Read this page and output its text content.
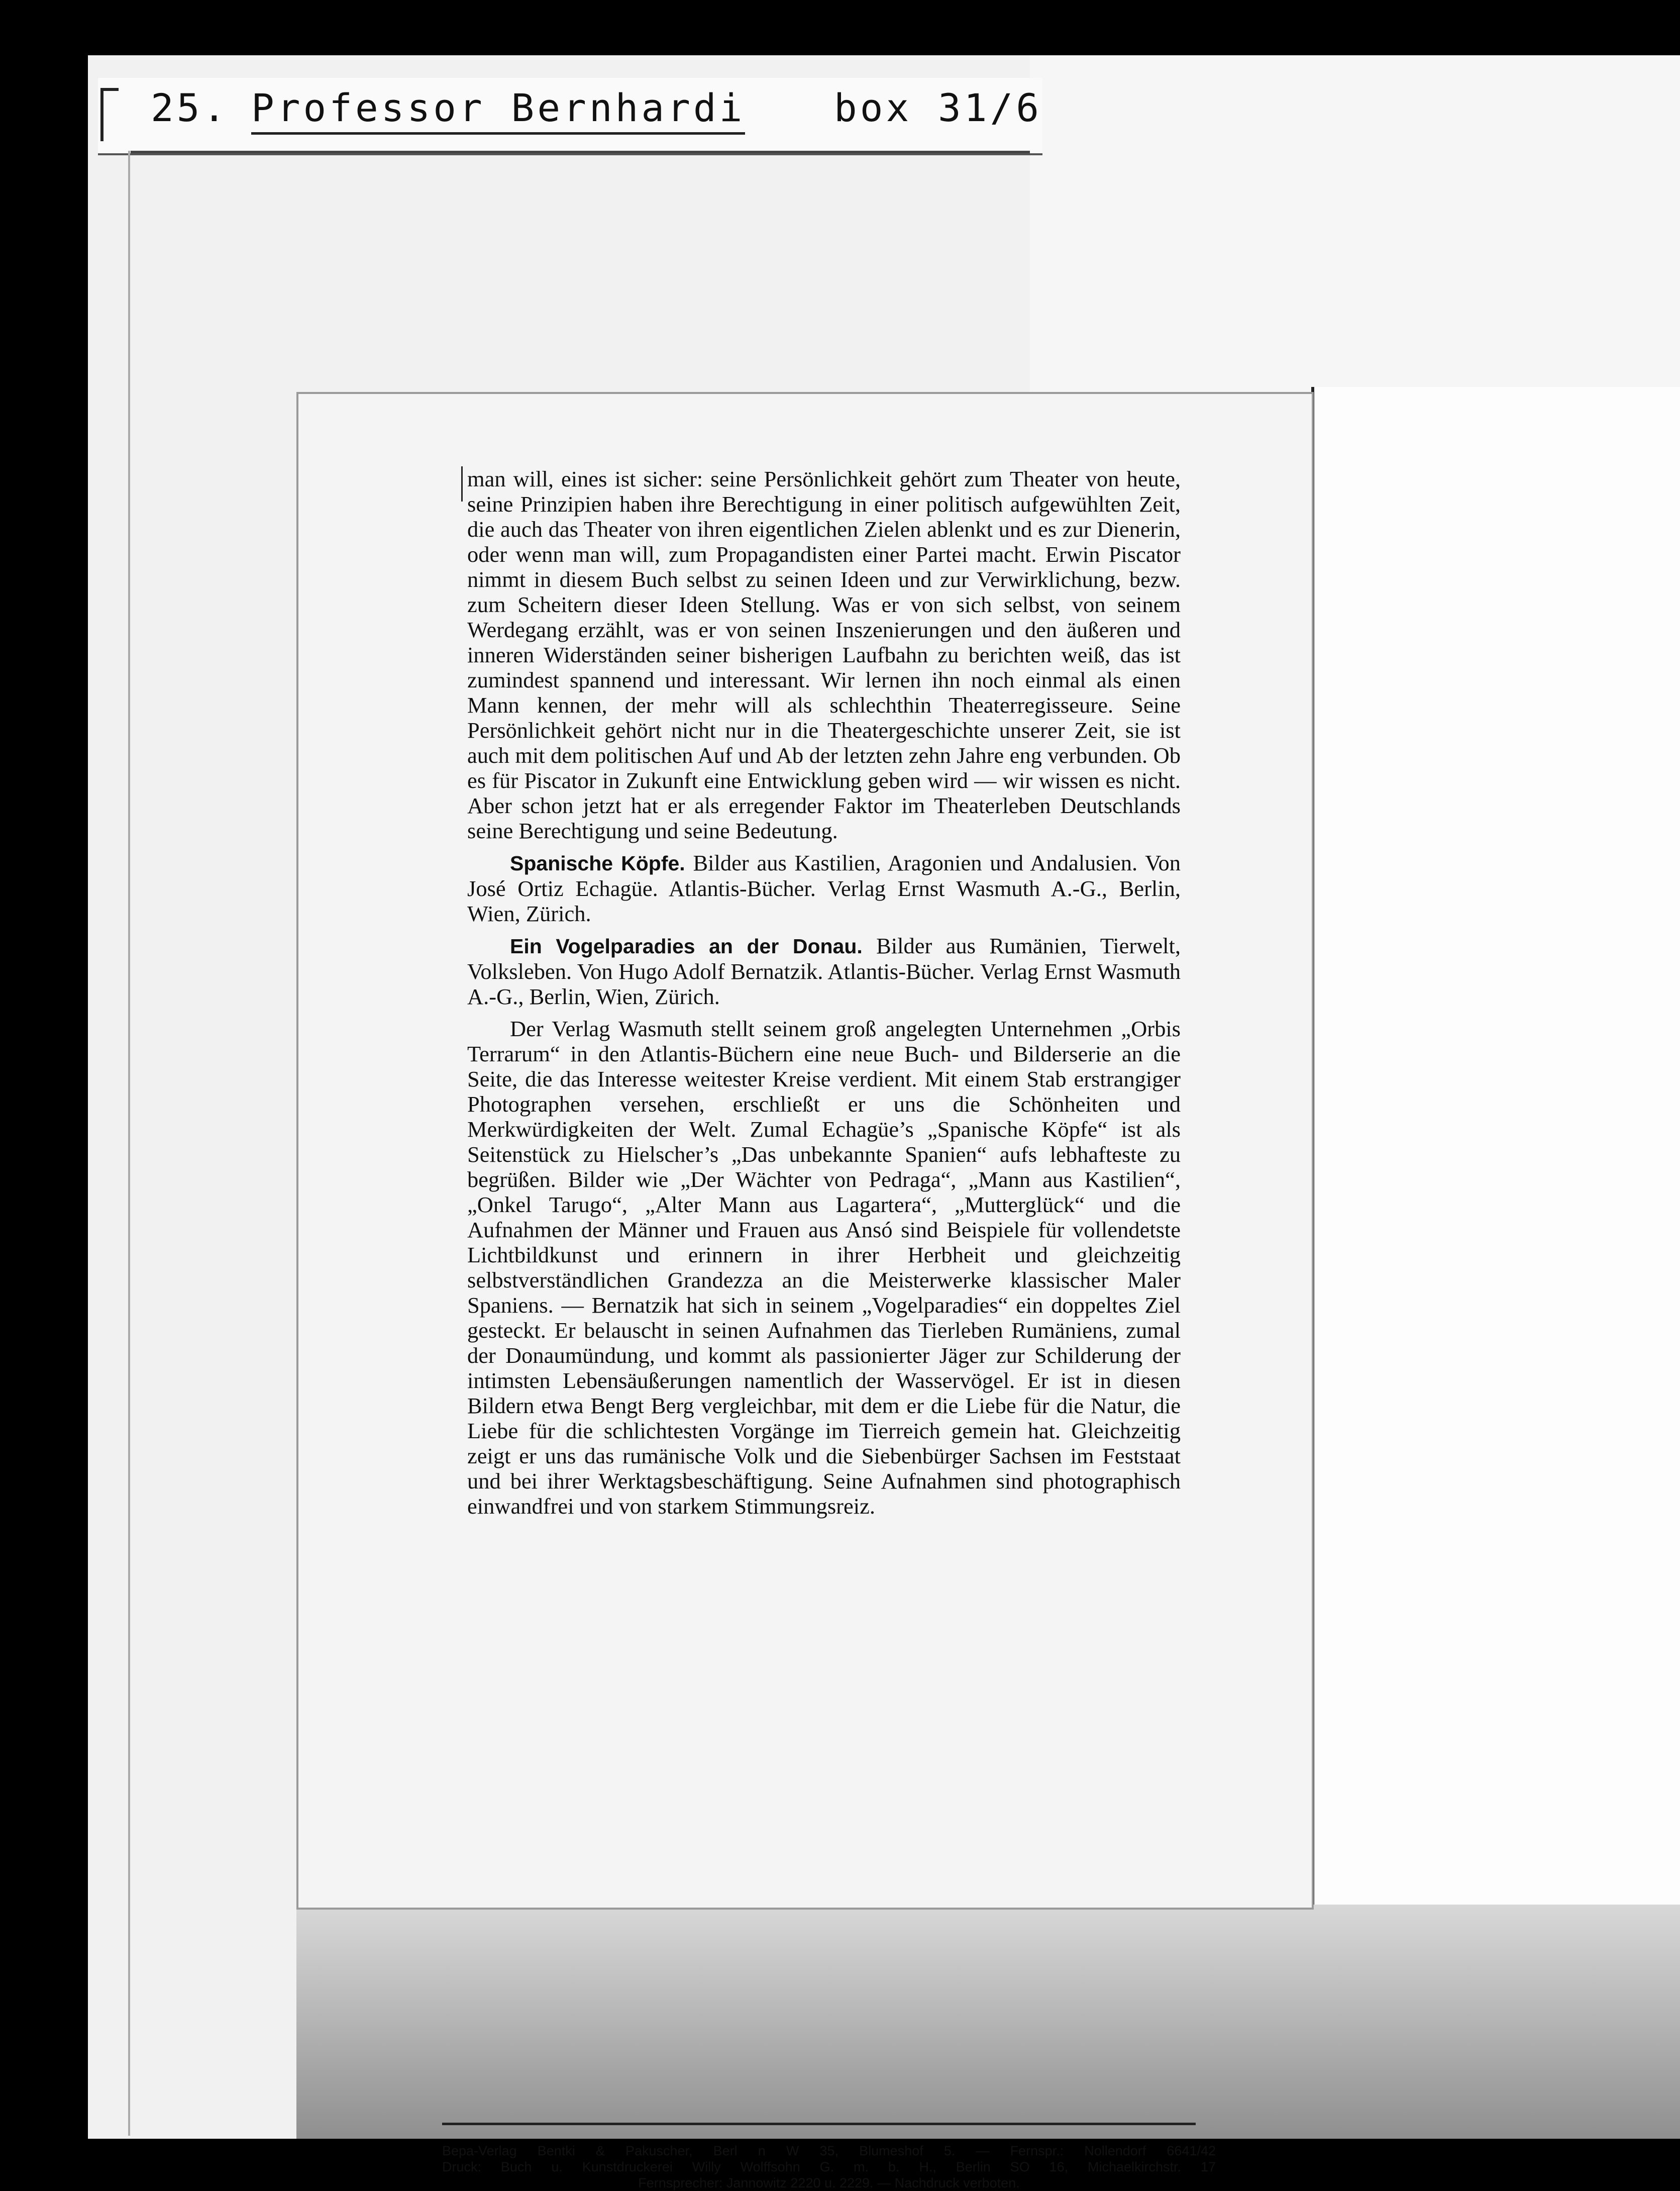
25. Professor Bernhardi box 31/6

man will, eines ist sicher: seine Persönlichkeit gehört zum Theater von heute, seine Prinzipien haben ihre Berechtigung in einer politisch aufgewühlten Zeit, die auch das Theater von ihren eigentlichen Zielen ablenkt und es zur Dienerin, oder wenn man will, zum Propagandisten einer Partei macht. Erwin Piscator nimmt in diesem Buch selbst zu seinen Ideen und zur Verwirklichung, bezw. zum Scheitern dieser Ideen Stellung. Was er von sich selbst, von seinem Werdegang erzählt, was er von seinen Inszenierungen und den äußeren und inneren Widerständen seiner bisherigen Laufbahn zu berichten weiß, das ist zumindest spannend und interessant. Wir lernen ihn noch einmal als einen Mann kennen, der mehr will als schlechthin Theaterregisseure. Seine Persönlichkeit gehört nicht nur in die Theatergeschichte unserer Zeit, sie ist auch mit dem politischen Auf und Ab der letzten zehn Jahre eng verbunden. Ob es für Piscator in Zukunft eine Entwicklung geben wird — wir wissen es nicht. Aber schon jetzt hat er als erregender Faktor im Theaterleben Deutschlands seine Berechtigung und seine Bedeutung.

Spanische Köpfe. Bilder aus Kastilien, Aragonien und Andalusien. Von José Ortiz Echagüe. Atlantis-Bücher. Verlag Ernst Wasmuth A.-G., Berlin, Wien, Zürich.

Ein Vogelparadies an der Donau. Bilder aus Rumänien, Tierwelt, Volksleben. Von Hugo Adolf Bernatzik. Atlantis-Bücher. Verlag Ernst Wasmuth A.-G., Berlin, Wien, Zürich.

Der Verlag Wasmuth stellt seinem groß angelegten Unternehmen „Orbis Terrarum“ in den Atlantis-Büchern eine neue Buch- und Bilderserie an die Seite, die das Interesse weitester Kreise verdient. Mit einem Stab erstrangiger Photographen versehen, erschließt er uns die Schönheiten und Merkwürdigkeiten der Welt. Zumal Echagüe’s „Spanische Köpfe“ ist als Seitenstück zu Hielscher’s „Das unbekannte Spanien“ aufs lebhafteste zu begrüßen. Bilder wie „Der Wächter von Pedraga“, „Mann aus Kastilien“, „Onkel Tarugo“, „Alter Mann aus Lagartera“, „Mutterglück“ und die Aufnahmen der Männer und Frauen aus Ansó sind Beispiele für vollendetste Lichtbildkunst und erinnern in ihrer Herbheit und gleichzeitig selbstverständlichen Grandezza an die Meisterwerke klassischer Maler Spaniens. — Bernatzik hat sich in seinem „Vogelparadies“ ein doppeltes Ziel gesteckt. Er belauscht in seinen Aufnahmen das Tierleben Rumäniens, zumal der Donaumündung, und kommt als passionierter Jäger zur Schilderung der intimsten Lebensäußerungen namentlich der Wasservögel. Er ist in diesen Bildern etwa Bengt Berg vergleichbar, mit dem er die Liebe für die Natur, die Liebe für die schlichtesten Vorgänge im Tierreich gemein hat. Gleichzeitig zeigt er uns das rumänische Volk und die Siebenbürger Sachsen im Feststaat und bei ihrer Werktagsbeschäftigung. Seine Aufnahmen sind photographisch einwandfrei und von starkem Stimmungsreiz.

Bepa-Verlag Bentki & Pakuscher, Berl n W 35, Blumeshof 5. — Fernspr.: Nollendorf 6641/42
Druck: Buch u. Kunstdruckerei Willy Wolffsohn G. m. b. H., Berlin SO 16, Michaelkirchstr. 17
Fernsprecher: Jannowitz 2220 u. 2229. — Nachdruck verboten.
